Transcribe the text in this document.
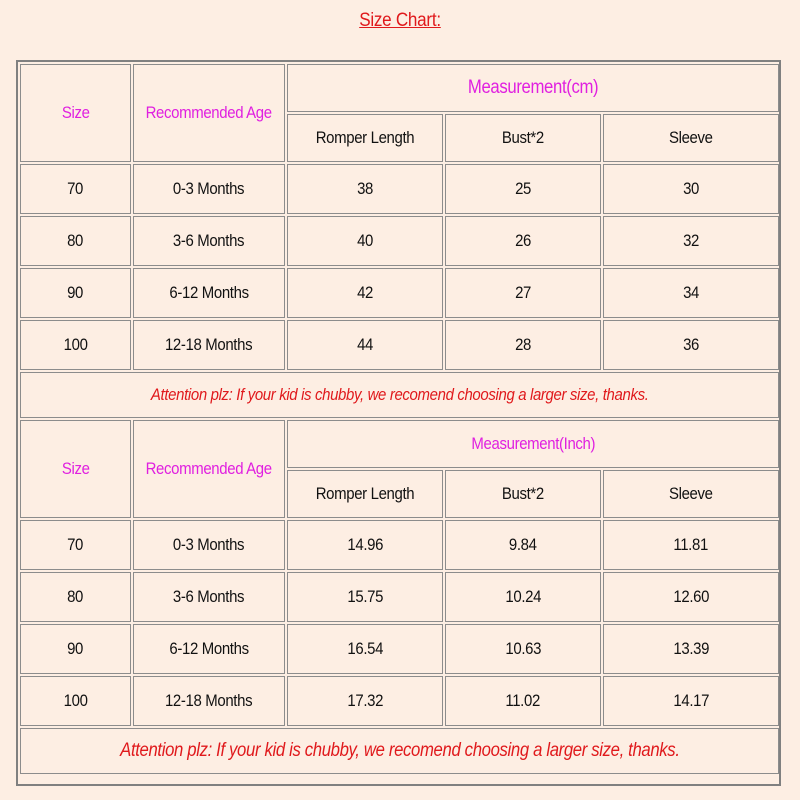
Size Chart:
Size	Recommended Age	Measurement(cm)		
		Romper Length	Bust*2	Sleeve
70	0-3 Months	38	25	30
80	3-6 Months	40	26	32
90	6-12 Months	42	27	34
100	12-18 Months	44	28	36
Attention plz: If your kid is chubby, we recomend choosing a larger size, thanks.				
Size	Recommended Age	Measurement(Inch)		
		Romper Length	Bust*2	Sleeve
70	0-3 Months	14.96	9.84	11.81
80	3-6 Months	15.75	10.24	12.60
90	6-12 Months	16.54	10.63	13.39
100	12-18 Months	17.32	11.02	14.17
Attention plz: If your kid is chubby, we recomend choosing a larger size, thanks.				
